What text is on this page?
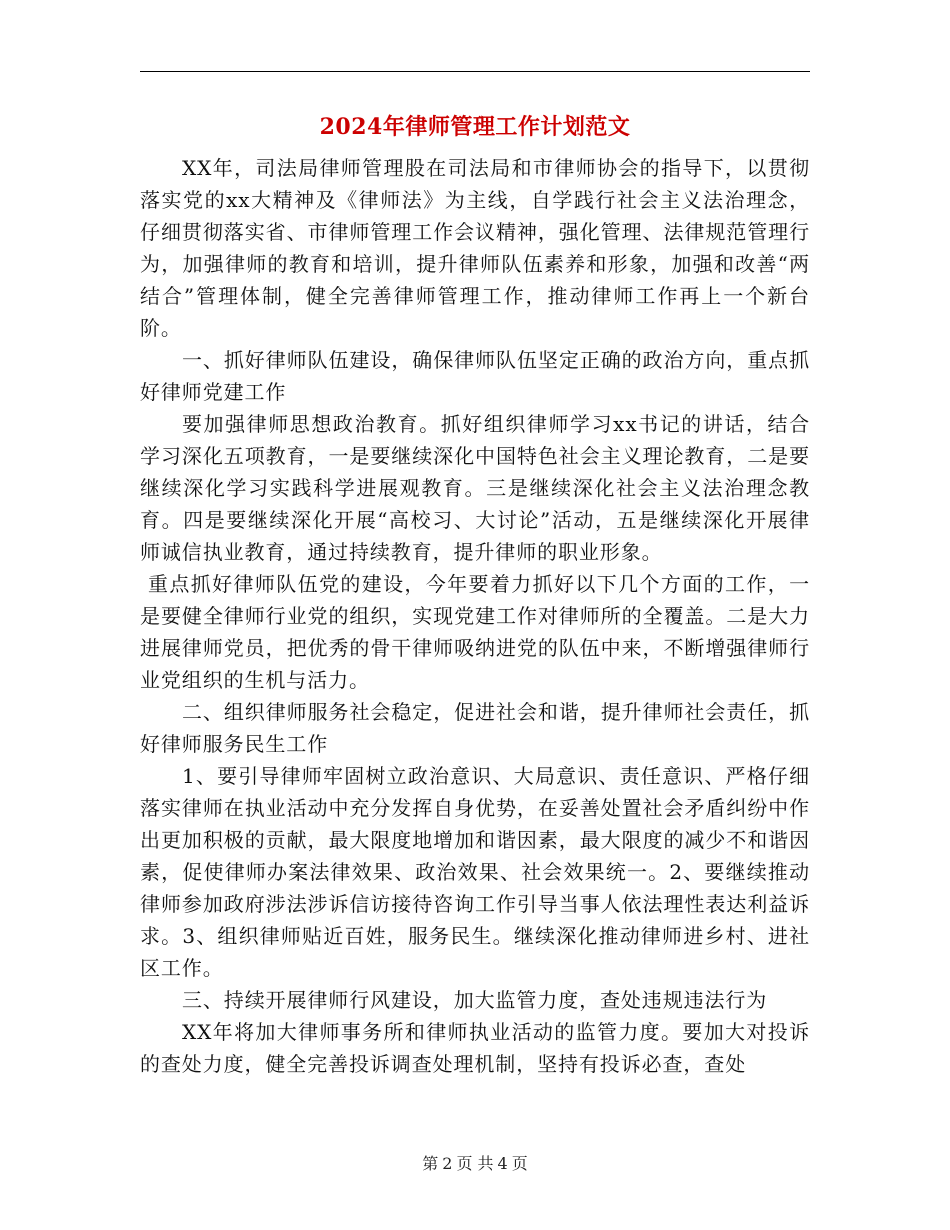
2024年律师管理工作计划范文

XX年，司法局律师管理股在司法局和市律师协会的指导下，以贯彻落实党的xx大精神及《律师法》为主线，自学践行社会主义法治理念，仔细贯彻落实省、市律师管理工作会议精神，强化管理、法律规范管理行为，加强律师的教育和培训，提升律师队伍素养和形象，加强和改善“两结合”管理体制，健全完善律师管理工作，推动律师工作再上一个新台阶。

一、抓好律师队伍建设，确保律师队伍坚定正确的政治方向，重点抓好律师党建工作

要加强律师思想政治教育。抓好组织律师学习xx书记的讲话，结合学习深化五项教育，一是要继续深化中国特色社会主义理论教育，二是要继续深化学习实践科学进展观教育。三是继续深化社会主义法治理念教育。四是要继续深化开展“高校习、大讨论”活动，五是继续深化开展律师诚信执业教育，通过持续教育，提升律师的职业形象。

重点抓好律师队伍党的建设，今年要着力抓好以下几个方面的工作，一是要健全律师行业党的组织，实现党建工作对律师所的全覆盖。二是大力进展律师党员，把优秀的骨干律师吸纳进党的队伍中来，不断增强律师行业党组织的生机与活力。

二、组织律师服务社会稳定，促进社会和谐，提升律师社会责任，抓好律师服务民生工作

1、要引导律师牢固树立政治意识、大局意识、责任意识、严格仔细落实律师在执业活动中充分发挥自身优势，在妥善处置社会矛盾纠纷中作出更加积极的贡献，最大限度地增加和谐因素，最大限度的减少不和谐因素，促使律师办案法律效果、政治效果、社会效果统一。2、要继续推动律师参加政府涉法涉诉信访接待咨询工作引导当事人依法理性表达利益诉求。3、组织律师贴近百姓，服务民生。继续深化推动律师进乡村、进社区工作。

三、持续开展律师行风建设，加大监管力度，查处违规违法行为

XX年将加大律师事务所和律师执业活动的监管力度。要加大对投诉的查处力度，健全完善投诉调查处理机制，坚持有投诉必查，查处

第 2 页 共 4 页
